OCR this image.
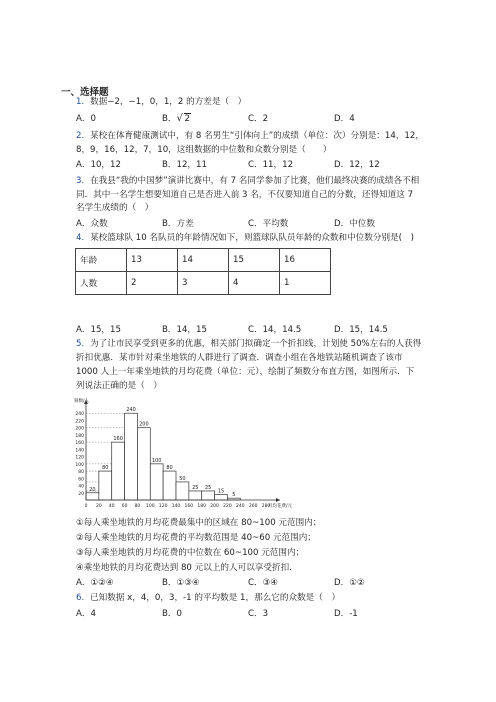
一、选择题
1．数据−2，−1，0，1，2 的方差是（　）
A．0	B． √ 2	C．2	D．4
2．某校在体育健康测试中，有 8 名男生“引体向上”的成绩（单位：次）分别是：14，12，
8，9，16，12，7，10，这组数据的中位数和众数分别是（　　）
A．10，12	B．12，11	C．11，12	D．12，12
3．在我县“我的中国梦”演讲比赛中，有 7 名同学参加了比赛，他们最终决赛的成绩各不相
同．其中一名学生想要知道自己是否进入前 3 名，不仅要知道自己的分数，还得知道这 7
名学生成绩的（　）
A．众数	B．方差	C．平均数	D．中位数
4．某校篮球队 10 名队员的年龄情况如下，则篮球队队员年龄的众数和中位数分别是(　)
年龄	13	14	15	16
人数	2	3	4	1
12
A．15，15	B．14，15	C．14，14.5	D．15，14.5
5．为了让市民享受到更多的优惠，相关部门拟确定一个折扣线，计划使 50%左右的人获得
折扣优惠．某市针对乘坐地铁的人群进行了调查．调查小组在各地铁站随机调查了该市
1000 人上一年乘坐地铁的月均花费（单位：元），绘制了频数分布直方图，如图所示．下
列说法正确的是（　）
240
220
200
180
160
140
120
100
80
60
40
20
0 20 40 60 80 100 120 140 160 180 200 220 240 260 280
20
80
160
240
200
100
80
50
25 25
15
5
频数/人
月均花费/元
①每人乘坐地铁的月均花费最集中的区域在 80~100 元范围内；
②每人乘坐地铁的月均花费的平均数范围是 40~60 元范围内；
③每人乘坐地铁的月均花费的中位数在 60~100 元范围内；
④乘坐地铁的月均花费达到 80 元以上的人可以享受折扣.
A．①②④	B．①③④	C．③④	D．①②
6．已知数据 x，4，0，3，-1 的平均数是 1，那么它的众数是（　）
A．4	B．0	C．3	D．-1
